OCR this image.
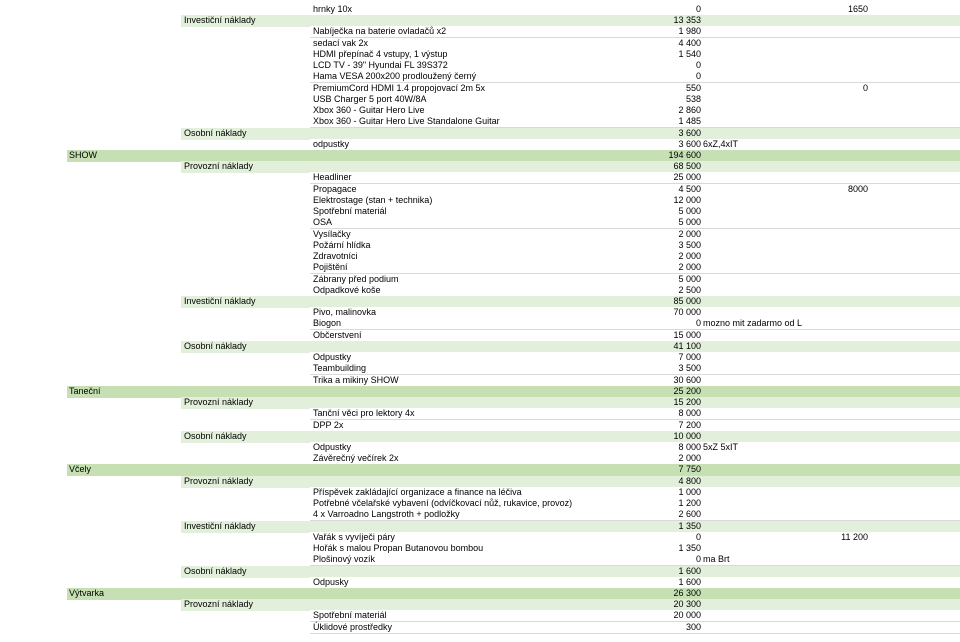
hrnky 10x	0	1650
Investiční náklady	13 353
Nabíječka na baterie ovladačů x2	1 980
sedací vak 2x	4 400
HDMI přepínač 4 vstupy, 1 výstup	1 540
LCD TV - 39" Hyundai FL 39S372	0
Hama VESA 200x200 prodloužený černý	0
PremiumCord HDMI 1.4 propojovací 2m 5x	550	0
USB Charger 5 port 40W/8A	538
Xbox 360 - Guitar Hero Live	2 860
Xbox 360 - Guitar Hero Live Standalone Guitar	1 485
Osobní náklady	3 600
odpustky	3 600 6xZ,4xIT
SHOW	194 600
Provozní náklady	68 500
Headliner	25 000
Propagace	4 500	8000
Elektrostage (stan + technika)	12 000
Spotřební materiál	5 000
OSA	5 000
Vysílačky	2 000
Požární hlídka	3 500
Zdravotníci	2 000
Pojištění	2 000
Zábrany před podium	5 000
Odpadkové koše	2 500
Investiční náklady	85 000
Pivo, malinovka	70 000
Biogon	0 mozno mit zadarmo od L
Občerstvení	15 000
Osobní náklady	41 100
Odpustky	7 000
Teambuilding	3 500
Trika a mikiny SHOW	30 600
Taneční	25 200
Provozní náklady	15 200
Tanční věci pro lektory 4x	8 000
DPP 2x	7 200
Osobní náklady	10 000
Odpustky	8 000 5xZ 5xIT
Závěrečný večírek 2x	2 000
Včely	7 750
Provozní náklady	4 800
Příspěvek zakládající organizace a finance na léčiva	1 000
Potřebné včelařské vybavení (odvíčkovací nůž, rukavice, provoz)	1 200
4 x Varroadno Langstroth + podložky	2 600
Investiční náklady	1 350
Vařák s vyvíječi páry	0	11 200
Hořák s malou Propan Butanovou bombou	1 350
Plošinový vozík	0 ma Brt
Osobní náklady	1 600
Odpusky	1 600
Výtvarka	26 300
Provozní náklady	20 300
Spotřební materiál	20 000
Úklidové prostředky	300
